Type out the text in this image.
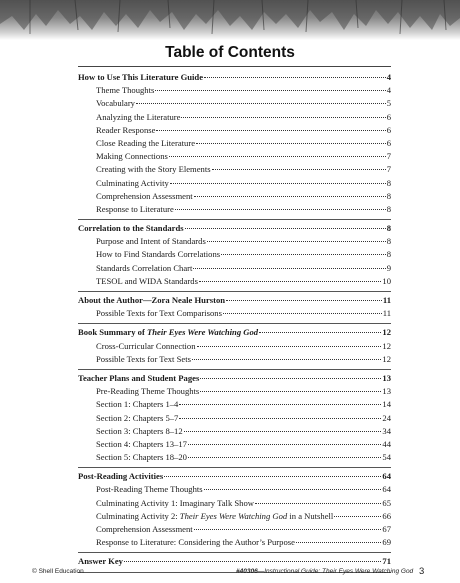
Table of Contents
How to Use This Literature Guide	4
Theme Thoughts	4
Vocabulary	5
Analyzing the Literature	6
Reader Response	6
Close Reading the Literature	6
Making Connections	7
Creating with the Story Elements	7
Culminating Activity	8
Comprehension Assessment	8
Response to Literature	8
Correlation to the Standards	8
Purpose and Intent of Standards	8
How to Find Standards Correlations	8
Standards Correlation Chart	9
TESOL and WIDA Standards	10
About the Author—Zora Neale Hurston	11
Possible Texts for Text Comparisons	11
Book Summary of Their Eyes Were Watching God	12
Cross-Curricular Connection	12
Possible Texts for Text Sets	12
Teacher Plans and Student Pages	13
Pre-Reading Theme Thoughts	13
Section 1: Chapters 1–4	14
Section 2: Chapters 5–7	24
Section 3: Chapters 8–12	34
Section 4: Chapters 13–17	44
Section 5: Chapters 18–20	54
Post-Reading Activities	64
Post-Reading Theme Thoughts	64
Culminating Activity 1: Imaginary Talk Show	65
Culminating Activity 2: Their Eyes Were Watching God in a Nutshell	66
Comprehension Assessment	67
Response to Literature: Considering the Author’s Purpose	69
Answer Key	71
© Shell Education	#40306—Instructional Guide: Their Eyes Were Watching God 3
